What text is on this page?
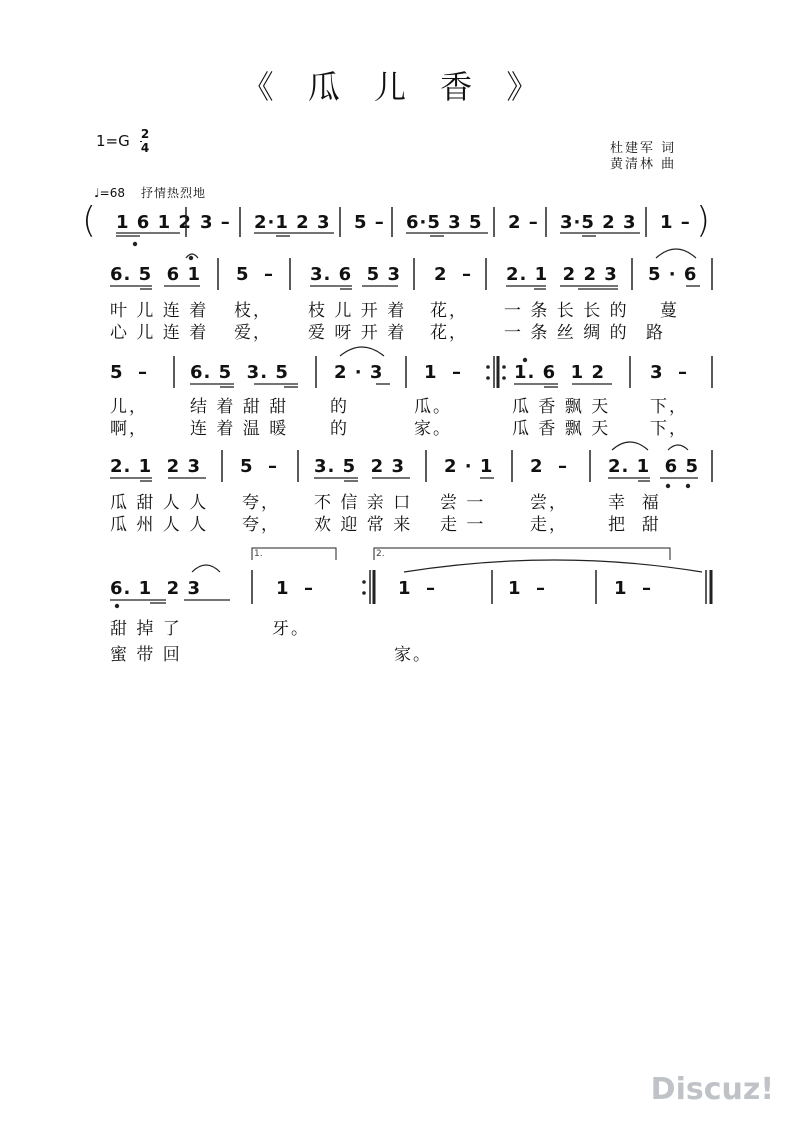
《 瓜 儿 香 》
1=G 2
4	杜建军 词
黄清林 曲
♩=68 抒情热烈地
( 1 6 1 2 3 – 2·1 2 3 5 – 6·5 3 5 2 – 3·5 2 3 1 – )
6. 5  6 1 5  – 3. 6  5 3 2  – 2. 1  2 2 3 5 · 6
叶 儿 连 着 枝， 枝 儿 开 着 花， 一 条 长 长 的 蔓
心 儿 连 着 爱， 爱 呀 开 着 花， 一 条 丝 绸 的 路
5  – 6. 5  3. 5	2 · 3 1  –	1. 6  1 2 3  –
儿， 结 着 甜 甜 的	瓜。	瓜 香 飘 天 下，
啊， 连 着 温 暖 的	家。	瓜 香 飘 天 下，
2. 1  2 3 5  – 3. 5  2 3 2 · 1 2  – 2. 1  6 5
瓜 甜 人 人 夸， 不 信 亲 口 尝 一	尝， 幸  福
瓜 州 人 人 夸， 欢 迎 常 来 走 一	走， 把  甜
1.	2.
6. 1  2 3	1  –	1  –	1  –	1  –
甜 掉 了	牙。
蜜 带 回	家。
Discuz!
